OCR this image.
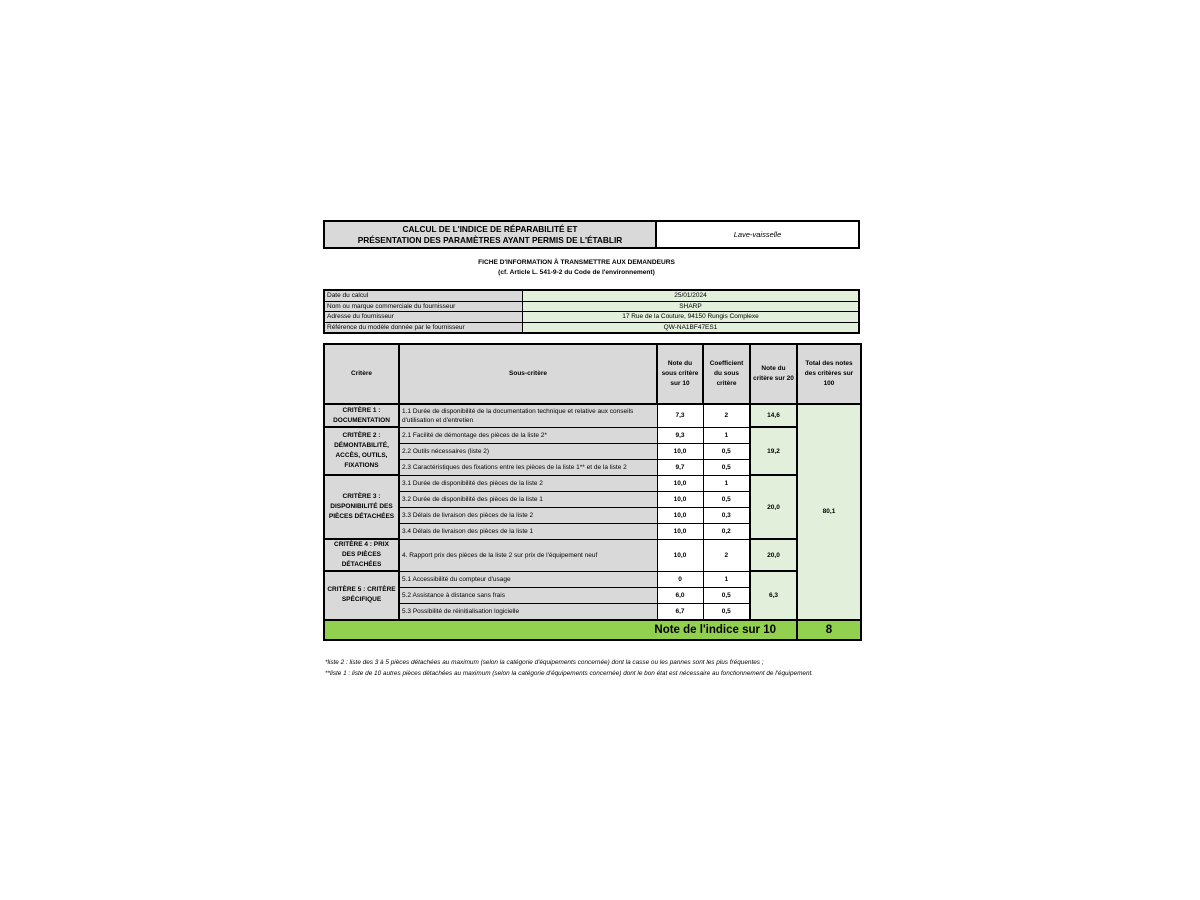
CALCUL DE L'INDICE DE RÉPARABILITÉ ET
PRÉSENTATION DES PARAMÈTRES AYANT PERMIS DE L'ÉTABLIR
Lave-vaisselle
FICHE D'INFORMATION À TRANSMETTRE AUX DEMANDEURS
(cf. Article L. 541-9-2 du Code de l'environnement)
Date du calcul	25/01/2024
Nom ou marque commerciale du fournisseur	SHARP
Adresse du fournisseur	17 Rue de la Couture, 94150 Rungis Complexe
Référence du modèle donnée par le fournisseur	QW-NA1BF47ES1
Critère	Sous-critère	Note du sous critère sur 10	Coefficient du sous critère	Note du critère sur 20	Total des notes des critères sur 100
CRITÈRE 1 : DOCUMENTATION	1.1 Durée de disponibilité de la documentation technique et relative aux conseils d'utilisation et d'entretien	7,3	2	14,6	80,1
CRITÈRE 2 : DÉMONTABILITÉ, ACCÈS, OUTILS, FIXATIONS	2.1 Facilité de démontage des pièces de la liste 2*	9,3	1	19,2	
	2.2 Outils nécessaires (liste 2)	10,0	0,5		
	2.3 Caractéristiques des fixations entre les pièces de la liste 1** et de la liste 2	9,7	0,5		
CRITÈRE 3 : DISPONIBILITÉ DES PIÈCES DÉTACHÉES	3.1 Durée de disponibilité des pièces de la liste 2	10,0	1	20,0	
	3.2 Durée de disponibilité des pièces de la liste 1	10,0	0,5		
	3.3 Délais de livraison des pièces de la liste 2	10,0	0,3		
	3.4 Délais de livraison des pièces de la liste 1	10,0	0,2		
CRITÈRE 4 : PRIX DES PIÈCES DÉTACHÉES	4. Rapport prix des pièces de la liste 2 sur prix de l'équipement neuf	10,0	2	20,0	
CRITÈRE 5 : CRITÈRE SPÉCIFIQUE	5.1 Accessibilité du compteur d'usage	0	1	6,3	
	5.2 Assistance à distance sans frais	6,0	0,5		
	5.3 Possibilité de réinitialisation logicielle	6,7	0,5		
Note de l'indice sur 10					8
*liste 2 : liste des 3 à 5 pièces détachées au maximum (selon la catégorie d'équipements concernée) dont la casse ou les pannes sont les plus fréquentes ;
**liste 1 : liste de 10 autres pièces détachées au maximum (selon la catégorie d'équipements concernée) dont le bon état est nécessaire au fonctionnement de l'équipement.
